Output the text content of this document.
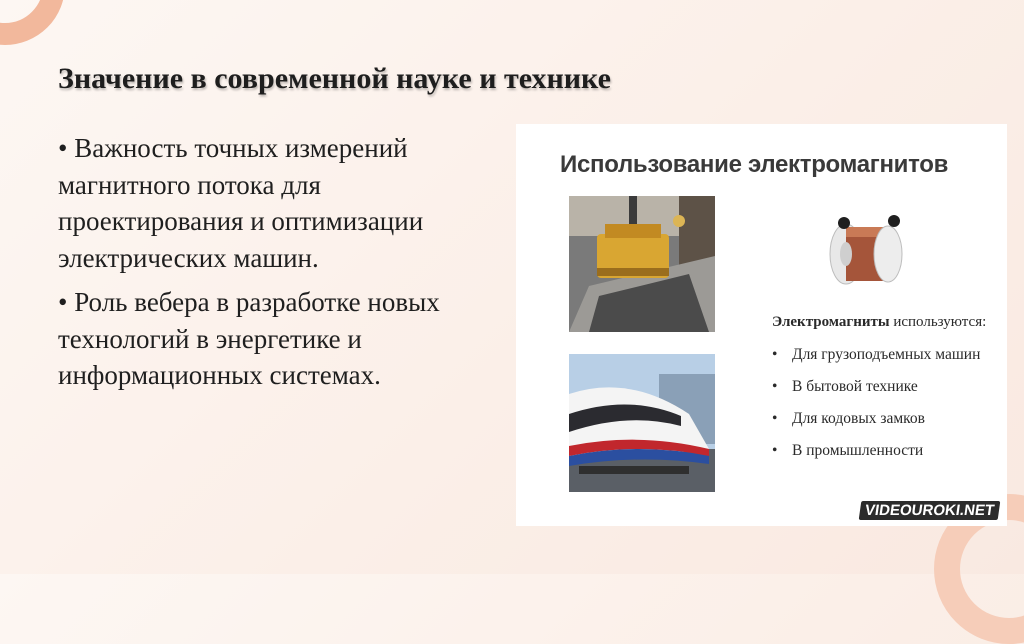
Значение в современной науке и технике

• Важность точных измерений магнитного потока для проектирования и оптимизации электрических машин.

• Роль вебера в разработке новых технологий в энергетике и информационных системах.

Использование электромагнитов
Электромагниты используются:
• Для грузоподъемных машин
• В бытовой технике
• Для кодовых замков
• В промышленности
VIDEOUROKI.NET
